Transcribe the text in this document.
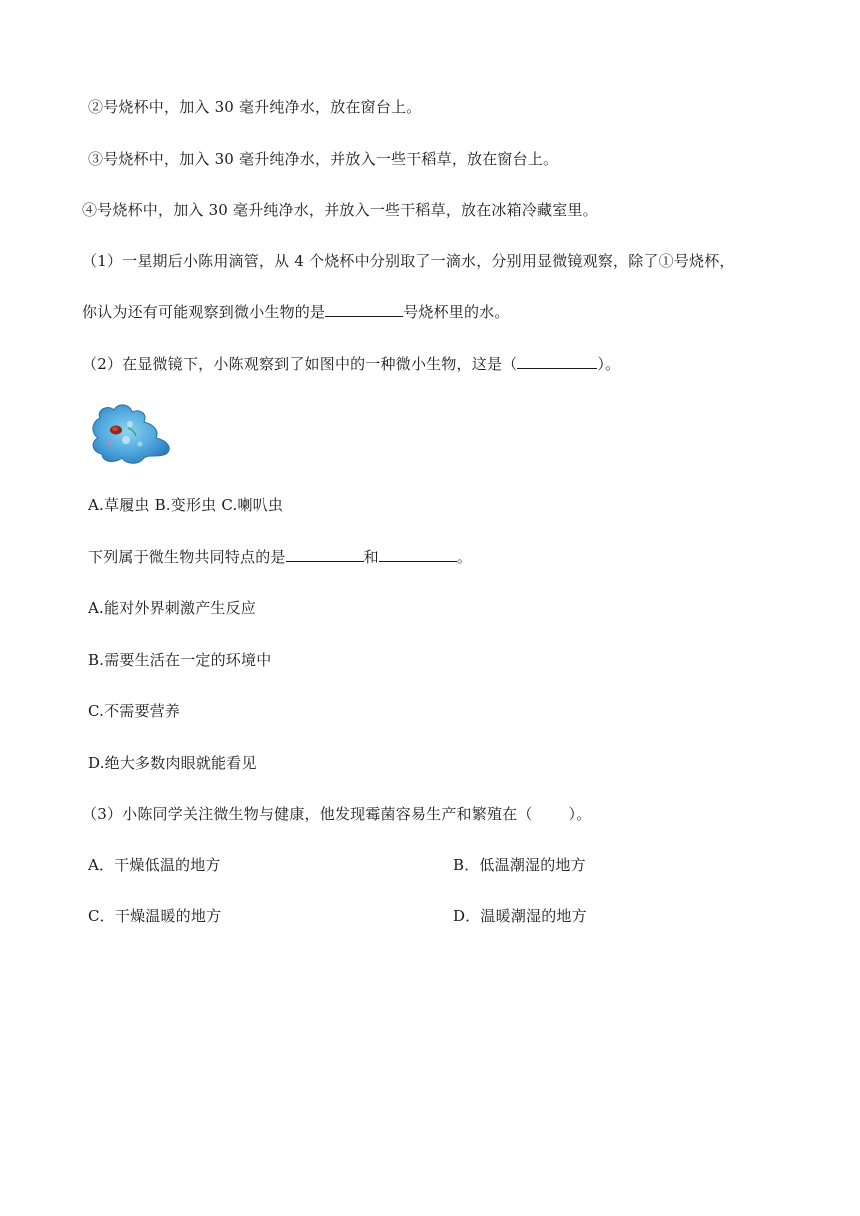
②号烧杯中，加入 30 毫升纯净水，放在窗台上。
③号烧杯中，加入 30 毫升纯净水，并放入一些干稻草，放在窗台上。
④号烧杯中，加入 30 毫升纯净水，并放入一些干稻草，放在冰箱冷藏室里。
（1）一星期后小陈用滴管，从 4 个烧杯中分别取了一滴水，分别用显微镜观察，除了①号烧杯，
你认为还有可能观察到微小生物的是	号烧杯里的水。
（2）在显微镜下，小陈观察到了如图中的一种微小生物，这是（	）。
A.草履虫 B.变形虫 C.喇叭虫
下列属于微生物共同特点的是	和	。
A.能对外界刺激产生反应
B.需要生活在一定的环境中
C.不需要营养
D.绝大多数肉眼就能看见
（3）小陈同学关注微生物与健康，他发现霉菌容易生产和繁殖在（ ）。
A．干燥低温的地方	B．低温潮湿的地方
C．干燥温暖的地方	D．温暖潮湿的地方
